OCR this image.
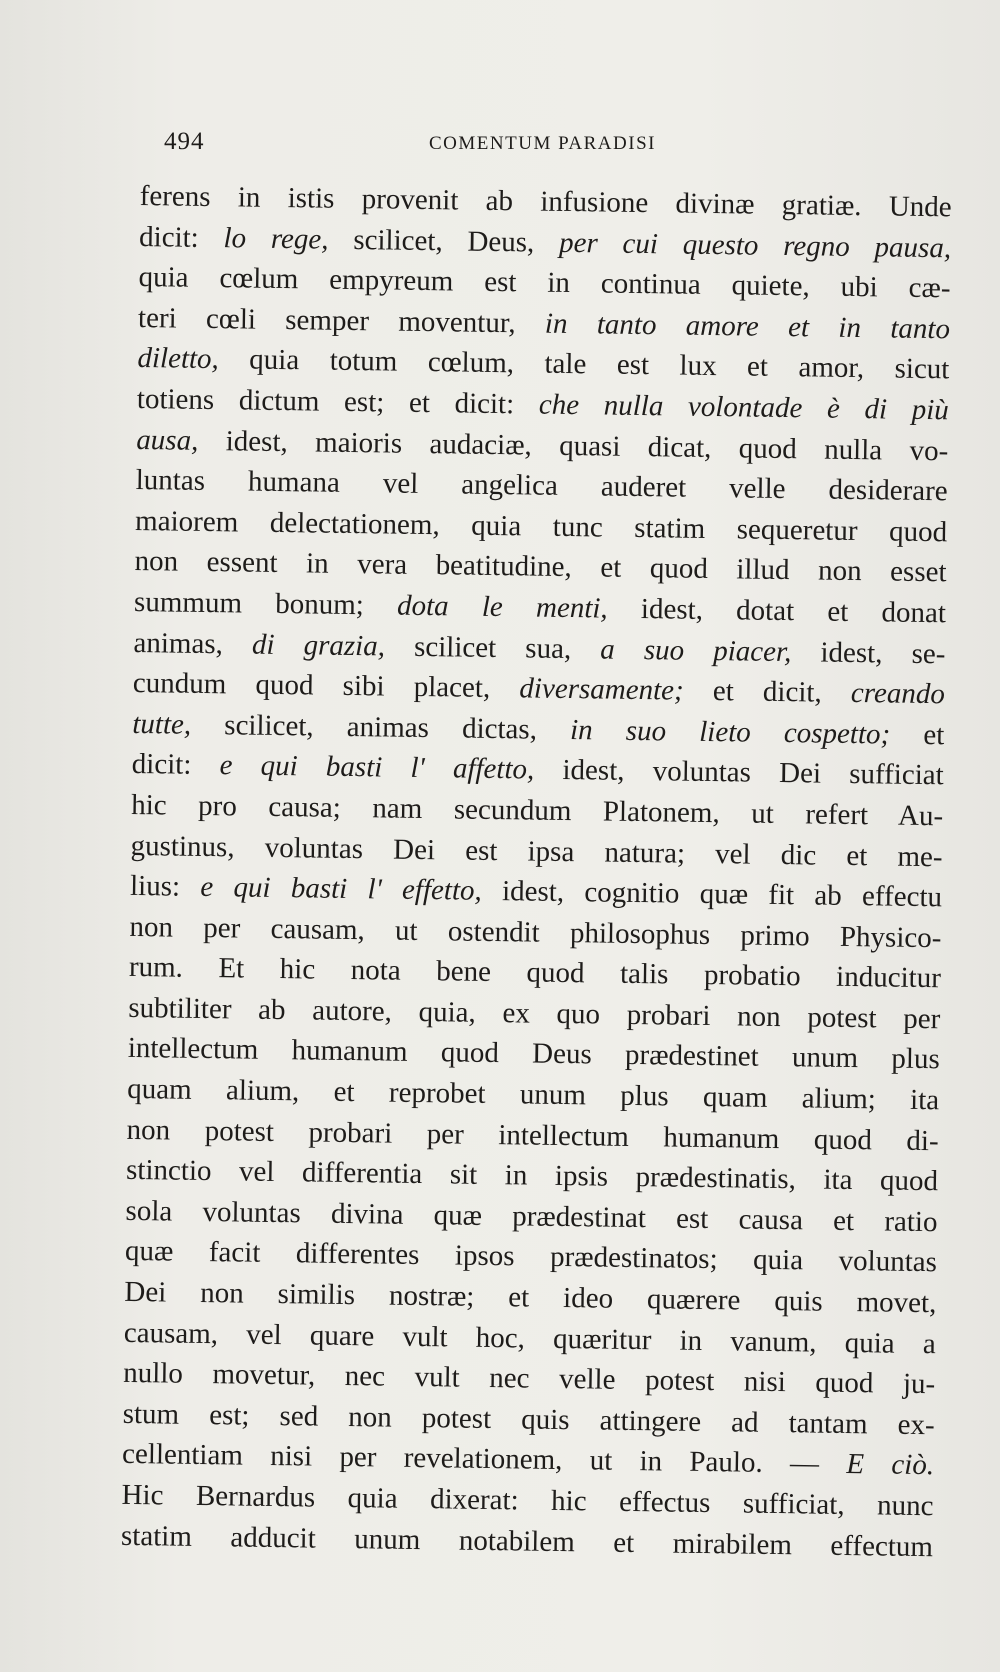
494	COMENTUM PARADISI
ferens in istis provenit ab infusione divinæ gratiæ. Unde
dicit: lo rege, scilicet, Deus, per cui questo regno pausa,
quia cœlum empyreum est in continua quiete, ubi cæ-
teri cœli semper moventur, in tanto amore et in tanto
diletto, quia totum cœlum, tale est lux et amor, sicut
totiens dictum est; et dicit: che nulla volontade è di più
ausa, idest, maioris audaciæ, quasi dicat, quod nulla vo-
luntas humana vel angelica auderet velle desiderare
maiorem delectationem, quia tunc statim sequeretur quod
non essent in vera beatitudine, et quod illud non esset
summum bonum; dota le menti, idest, dotat et donat
animas, di grazia, scilicet sua, a suo piacer, idest, se-
cundum quod sibi placet, diversamente; et dicit, creando
tutte, scilicet, animas dictas, in suo lieto cospetto; et
dicit: e qui basti l' affetto, idest, voluntas Dei sufficiat
hic pro causa; nam secundum Platonem, ut refert Au-
gustinus, voluntas Dei est ipsa natura; vel dic et me-
lius: e qui basti l' effetto, idest, cognitio quæ fit ab effectu
non per causam, ut ostendit philosophus primo Physico-
rum. Et hic nota bene quod talis probatio inducitur
subtiliter ab autore, quia, ex quo probari non potest per
intellectum humanum quod Deus prædestinet unum plus
quam alium, et reprobet unum plus quam alium; ita
non potest probari per intellectum humanum quod di-
stinctio vel differentia sit in ipsis prædestinatis, ita quod
sola voluntas divina quæ prædestinat est causa et ratio
quæ facit differentes ipsos prædestinatos; quia voluntas
Dei non similis nostræ; et ideo quærere quis movet,
causam, vel quare vult hoc, quæritur in vanum, quia a
nullo movetur, nec vult nec velle potest nisi quod ju-
stum est; sed non potest quis attingere ad tantam ex-
cellentiam nisi per revelationem, ut in Paulo. — E ciò.
Hic Bernardus quia dixerat: hic effectus sufficiat, nunc
statim adducit unum notabilem et mirabilem effectum
